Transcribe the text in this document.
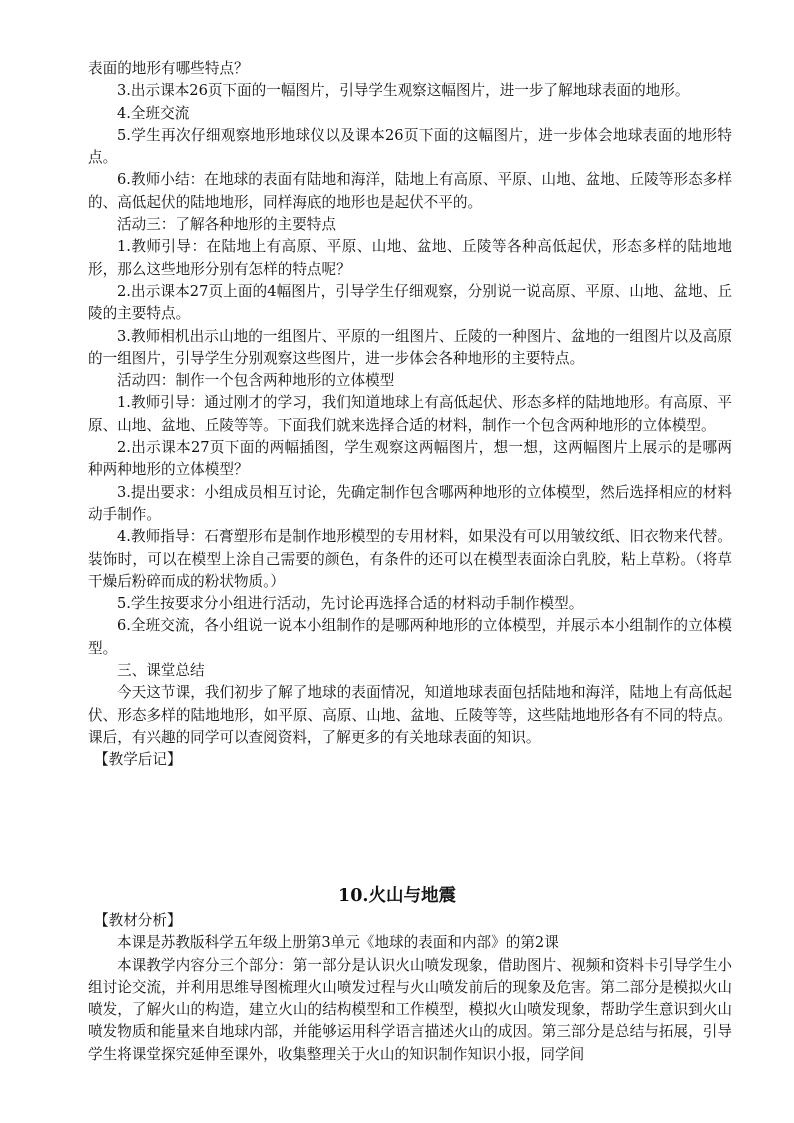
表面的地形有哪些特点？

3.出示课本26页下面的一幅图片，引导学生观察这幅图片，进一步了解地球表面的地形。

4.全班交流

5.学生再次仔细观察地形地球仪以及课本26页下面的这幅图片，进一步体会地球表面的地形特点。

6.教师小结：在地球的表面有陆地和海洋，陆地上有高原、平原、山地、盆地、丘陵等形态多样的、高低起伏的陆地地形，同样海底的地形也是起伏不平的。

活动三：了解各种地形的主要特点

1.教师引导：在陆地上有高原、平原、山地、盆地、丘陵等各种高低起伏，形态多样的陆地地形，那么这些地形分别有怎样的特点呢？

2.出示课本27页上面的4幅图片，引导学生仔细观察，分别说一说高原、平原、山地、盆地、丘陵的主要特点。

3.教师相机出示山地的一组图片、平原的一组图片、丘陵的一种图片、盆地的一组图片以及高原的一组图片，引导学生分别观察这些图片，进一步体会各种地形的主要特点。

活动四：制作一个包含两种地形的立体模型

1.教师引导：通过刚才的学习，我们知道地球上有高低起伏、形态多样的陆地地形。有高原、平原、山地、盆地、丘陵等等。下面我们就来选择合适的材料，制作一个包含两种地形的立体模型。

2.出示课本27页下面的两幅插图，学生观察这两幅图片，想一想，这两幅图片上展示的是哪两种两种地形的立体模型？

3.提出要求：小组成员相互讨论，先确定制作包含哪两种地形的立体模型，然后选择相应的材料动手制作。

4.教师指导：石膏塑形布是制作地形模型的专用材料，如果没有可以用皱纹纸、旧衣物来代替。装饰时，可以在模型上涂自己需要的颜色，有条件的还可以在模型表面涂白乳胶，粘上草粉。（将草干燥后粉碎而成的粉状物质。）

5.学生按要求分小组进行活动，先讨论再选择合适的材料动手制作模型。

6.全班交流，各小组说一说本小组制作的是哪两种地形的立体模型，并展示本小组制作的立体模型。

三、课堂总结

今天这节课，我们初步了解了地球的表面情况，知道地球表面包括陆地和海洋，陆地上有高低起伏、形态多样的陆地地形，如平原、高原、山地、盆地、丘陵等等，这些陆地地形各有不同的特点。课后，有兴趣的同学可以查阅资料，了解更多的有关地球表面的知识。

【教学后记】

10.火山与地震

【教材分析】

本课是苏教版科学五年级上册第3单元《地球的表面和内部》的第2课

本课教学内容分三个部分：第一部分是认识火山喷发现象，借助图片、视频和资料卡引导学生小组讨论交流，并利用思维导图梳理火山喷发过程与火山喷发前后的现象及危害。第二部分是模拟火山喷发，了解火山的构造，建立火山的结构模型和工作模型，模拟火山喷发现象，帮助学生意识到火山喷发物质和能量来自地球内部，并能够运用科学语言描述火山的成因。第三部分是总结与拓展，引导学生将课堂探究延伸至课外，收集整理关于火山的知识制作知识小报，同学间
